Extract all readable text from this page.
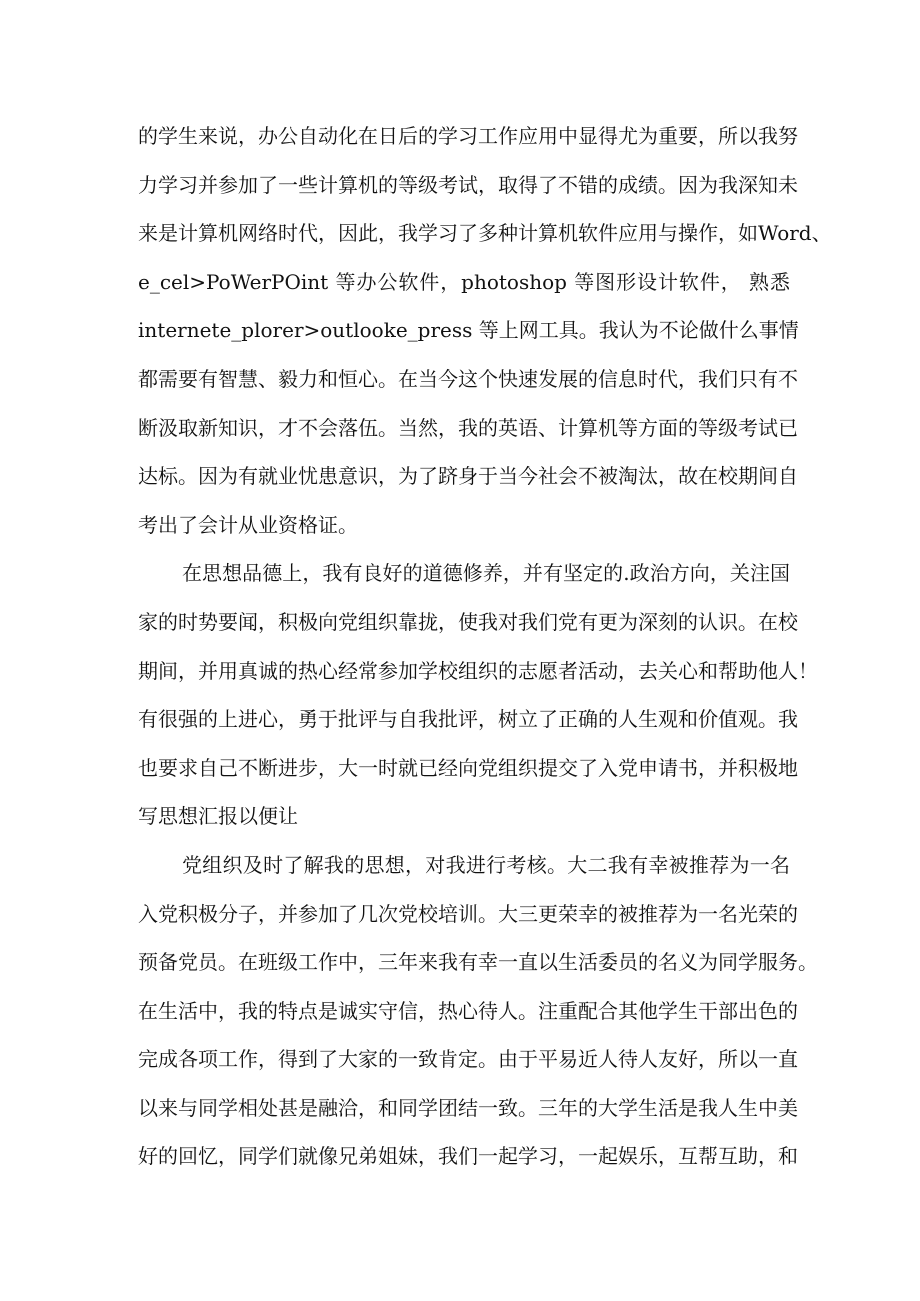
的学生来说，办公自动化在日后的学习工作应用中显得尤为重要，所以我努
力学习并参加了一些计算机的等级考试，取得了不错的成绩。因为我深知未
来是计算机网络时代，因此，我学习了多种计算机软件应用与操作，如Word、
e_cel>PoWerPOint 等办公软件，photoshop 等图形设计软件， 熟悉
internete_plorer>outlooke_press 等上网工具。我认为不论做什么事情
都需要有智慧、毅力和恒心。在当今这个快速发展的信息时代，我们只有不
断汲取新知识，才不会落伍。当然，我的英语、计算机等方面的等级考试已
达标。因为有就业忧患意识，为了跻身于当今社会不被淘汰，故在校期间自
考出了会计从业资格证。
在思想品德上，我有良好的道德修养，并有坚定的.政治方向，关注国
家的时势要闻，积极向党组织靠拢，使我对我们党有更为深刻的认识。在校
期间，并用真诚的热心经常参加学校组织的志愿者活动，去关心和帮助他人！
有很强的上进心，勇于批评与自我批评，树立了正确的人生观和价值观。我
也要求自己不断进步，大一时就已经向党组织提交了入党申请书，并积极地
写思想汇报以便让
党组织及时了解我的思想，对我进行考核。大二我有幸被推荐为一名
入党积极分子，并参加了几次党校培训。大三更荣幸的被推荐为一名光荣的
预备党员。在班级工作中，三年来我有幸一直以生活委员的名义为同学服务。
在生活中，我的特点是诚实守信，热心待人。注重配合其他学生干部出色的
完成各项工作，得到了大家的一致肯定。由于平易近人待人友好，所以一直
以来与同学相处甚是融洽，和同学团结一致。三年的大学生活是我人生中美
好的回忆，同学们就像兄弟姐妹，我们一起学习，一起娱乐，互帮互助，和
